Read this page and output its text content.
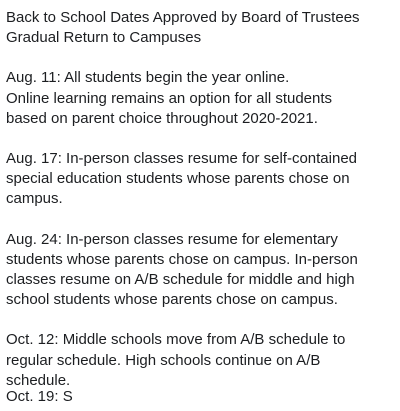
Back to School Dates Approved by Board of Trustees

Gradual Return to Campuses

Aug. 11: All students begin the year online.

Online learning remains an option for all students

based on parent choice throughout 2020-2021.

Aug. 17: In-person classes resume for self-contained

special education students whose parents chose on

campus.

Aug. 24: In-person classes resume for elementary

students whose parents chose on campus. In-person

classes resume on A/B schedule for middle and high

school students whose parents chose on campus.

Oct. 12: Middle schools move from A/B schedule to

regular schedule. High schools continue on A/B

schedule.

Oct. 19: S
